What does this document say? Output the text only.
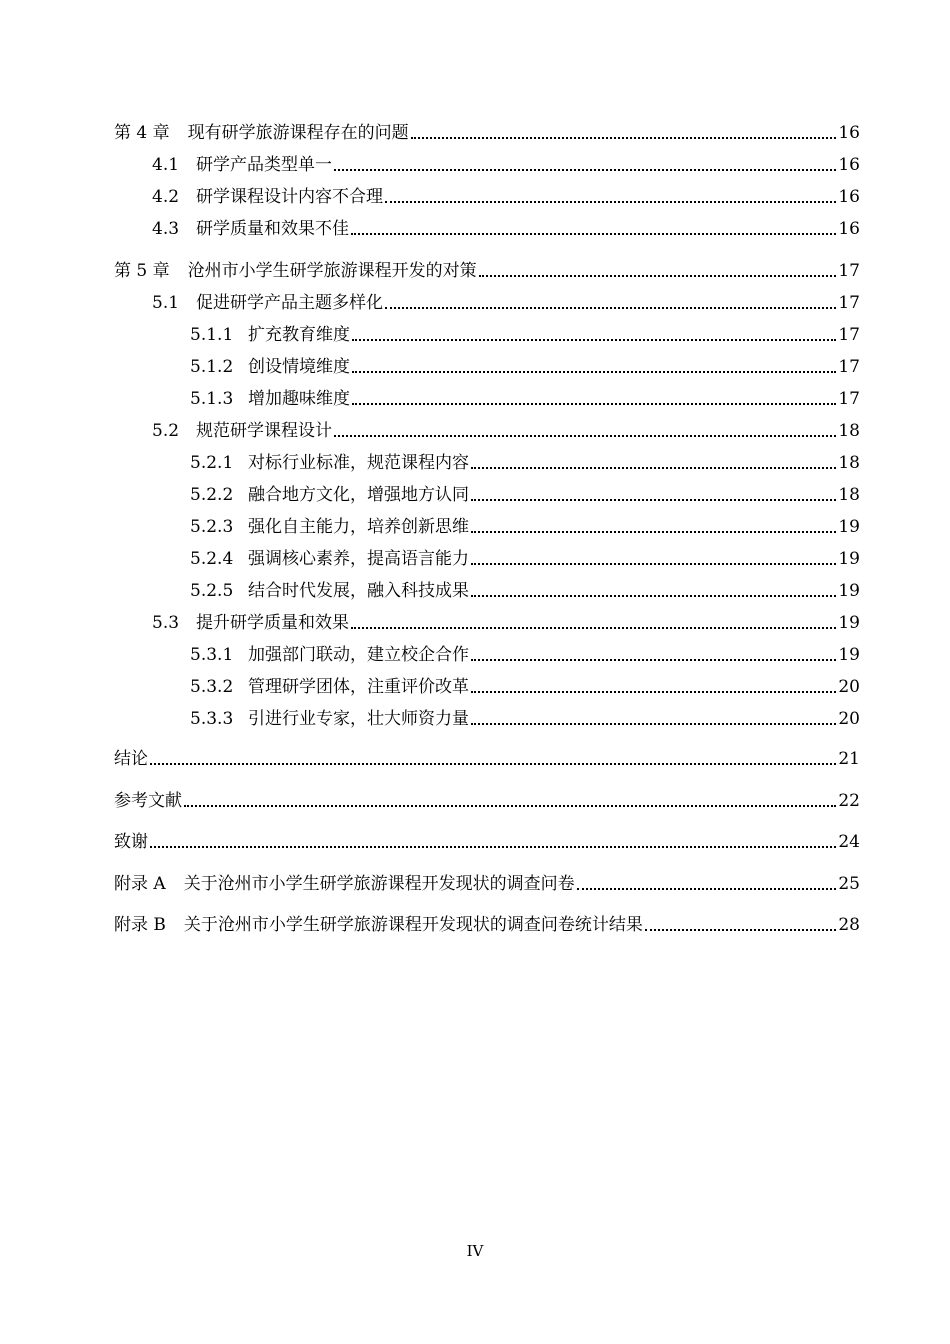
第 4 章 现有研学旅游课程存在的问题	16
4.1 研学产品类型单一	16
4.2 研学课程设计内容不合理	16
4.3 研学质量和效果不佳	16
第 5 章 沧州市小学生研学旅游课程开发的对策	17
5.1 促进研学产品主题多样化	17
5.1.1 扩充教育维度	17
5.1.2 创设情境维度	17
5.1.3 增加趣味维度	17
5.2 规范研学课程设计	18
5.2.1 对标行业标准，规范课程内容	18
5.2.2 融合地方文化，增强地方认同	18
5.2.3 强化自主能力，培养创新思维	19
5.2.4 强调核心素养，提高语言能力	19
5.2.5 结合时代发展，融入科技成果	19
5.3 提升研学质量和效果	19
5.3.1 加强部门联动，建立校企合作	19
5.3.2 管理研学团体，注重评价改革	20
5.3.3 引进行业专家，壮大师资力量	20
结论	21
参考文献	22
致谢	24
附录 A 关于沧州市小学生研学旅游课程开发现状的调查问卷	25
附录 B 关于沧州市小学生研学旅游课程开发现状的调查问卷统计结果	28
IV
